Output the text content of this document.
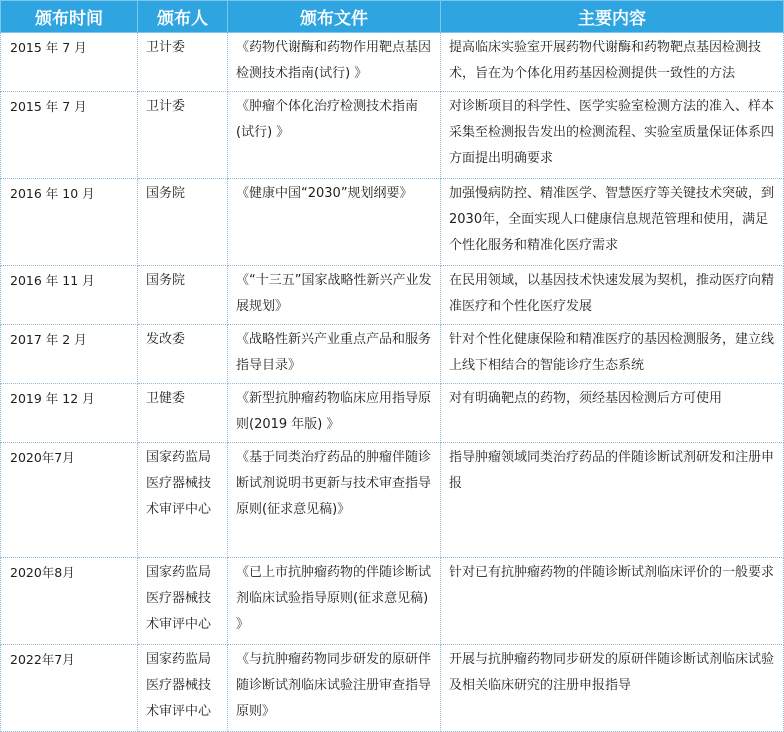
颁布时间	颁布人	颁布文件	主要内容
2015 年 7 月	卫计委	《药物代谢酶和药物作用靶点基因检测技术指南(试行) 》	提高临床实验室开展药物代谢酶和药物靶点基因检测技术，旨在为个体化用药基因检测提供一致性的方法
2015 年 7 月	卫计委	《肿瘤个体化治疗检测技术指南(试行) 》	对诊断项目的科学性、医学实验室检测方法的准入、样本采集至检测报告发出的检测流程、实验室质量保证体系四方面提出明确要求
2016 年 10 月	国务院	《健康中国“2030”规划纲要》	加强慢病防控、精准医学、智慧医疗等关键技术突破，到 2030年，全面实现人口健康信息规范管理和使用，满足个性化服务和精准化医疗需求
2016 年 11 月	国务院	《“十三五”国家战略性新兴产业发展规划》	在民用领域，以基因技术快速发展为契机，推动医疗向精准医疗和个性化医疗发展
2017 年 2 月	发改委	《战略性新兴产业重点产品和服务指导目录》	针对个性化健康保险和精准医疗的基因检测服务，建立线上线下相结合的智能诊疗生态系统
2019 年 12 月	卫健委	《新型抗肿瘤药物临床应用指导原则(2019 年版) 》	对有明确靶点的药物，须经基因检测后方可使用
2020年7月	国家药监局医疗器械技术审评中心	《基于同类治疗药品的肿瘤伴随诊断试剂说明书更新与技术审查指导原则(征求意见稿)》	指导肿瘤领域同类治疗药品的伴随诊断试剂研发和注册申报
2020年8月	国家药监局医疗器械技术审评中心	《已上市抗肿瘤药物的伴随诊断试剂临床试验指导原则(征求意见稿) 》	针对已有抗肿瘤药物的伴随诊断试剂临床评价的一般要求
2022年7月	国家药监局医疗器械技术审评中心	《与抗肿瘤药物同步研发的原研伴随诊断试剂临床试验注册审查指导原则》	开展与抗肿瘤药物同步研发的原研伴随诊断试剂临床试验及相关临床研究的注册申报指导
